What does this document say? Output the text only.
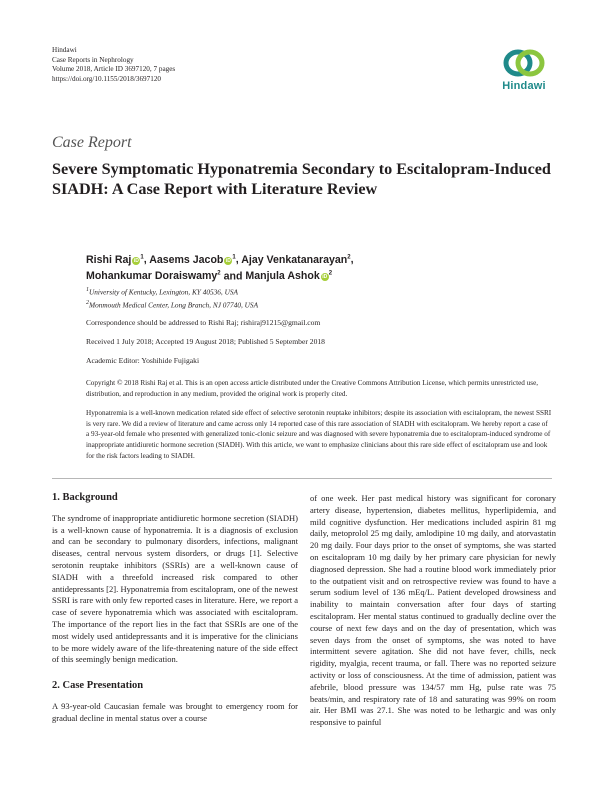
Hindawi
Case Reports in Nephrology
Volume 2018, Article ID 3697120, 7 pages
https://doi.org/10.1155/2018/3697120
Hindawi
Case Report
Severe Symptomatic Hyponatremia Secondary to Escitalopram-Induced SIADH: A Case Report with Literature Review
Rishi Raj $iD^1$, Aasems Jacob $iD^1$, Ajay Venkatanarayan$^2$,
Mohankumar Doraiswamy$^2$ and Manjula Ashok $iD^2$
$^1$University of Kentucky, Lexington, KY 40536, USA
$^2$Monmouth Medical Center, Long Branch, NJ 07740, USA
Correspondence should be addressed to Rishi Raj; rishiraj91215@gmail.com
Received 1 July 2018; Accepted 19 August 2018; Published 5 September 2018
Academic Editor: Yoshihide Fujigaki
Copyright © 2018 Rishi Raj et al. This is an open access article distributed under the Creative Commons Attribution License, which permits unrestricted use, distribution, and reproduction in any medium, provided the original work is properly cited.
Hyponatremia is a well-known medication related side effect of selective serotonin reuptake inhibitors; despite its association with escitalopram, the newest SSRI is very rare. We did a review of literature and came across only 14 reported case of this rare association of SIADH with escitalopram. We hereby report a case of a 93-year-old female who presented with generalized tonic-clonic seizure and was diagnosed with severe hyponatremia due to escitalopram-induced syndrome of inappropriate antidiuretic hormone secretion (SIADH). With this article, we want to emphasize clinicians about this rare side effect of escitalopram use and look for the risk factors leading to SIADH.
1. Background

The syndrome of inappropriate antidiuretic hormone secretion (SIADH) is a well-known cause of hyponatremia. It is a diagnosis of exclusion and can be secondary to pulmonary disorders, infections, malignant diseases, central nervous system disorders, or drugs [1]. Selective serotonin reuptake inhibitors (SSRIs) are a well-known cause of SIADH with a threefold increased risk compared to other antidepressants [2]. Hyponatremia from escitalopram, one of the newest SSRI is rare with only few reported cases in literature. Here, we report a case of severe hyponatremia which was associated with escitalopram. The importance of the report lies in the fact that SSRIs are one of the most widely used antidepressants and it is imperative for the clinicians to be more widely aware of the life-threatening nature of the side effect of this seemingly benign medication.

2. Case Presentation

A 93-year-old Caucasian female was brought to emergency room for gradual decline in mental status over a course

of one week. Her past medical history was significant for coronary artery disease, hypertension, diabetes mellitus, hyperlipidemia, and mild cognitive dysfunction. Her medications included aspirin 81 mg daily, metoprolol 25 mg daily, amlodipine 10 mg daily, and atorvastatin 20 mg daily. Four days prior to the onset of symptoms, she was started on escitalopram 10 mg daily by her primary care physician for newly diagnosed depression. She had a routine blood work immediately prior to the outpatient visit and on retrospective review was found to have a serum sodium level of 136 mEq/L. Patient developed drowsiness and inability to maintain conversation after four days of starting escitalopram. Her mental status continued to gradually decline over the course of next few days and on the day of presentation, which was seven days from the onset of symptoms, she was noted to have intermittent severe agitation. She did not have fever, chills, neck rigidity, myalgia, recent trauma, or fall. There was no reported seizure activity or loss of consciousness. At the time of admission, patient was afebrile, blood pressure was 134/57 mm Hg, pulse rate was 75 beats/min, and respiratory rate of 18 and saturating was 99% on room air. Her BMI was 27.1. She was noted to be lethargic and was only responsive to painful
